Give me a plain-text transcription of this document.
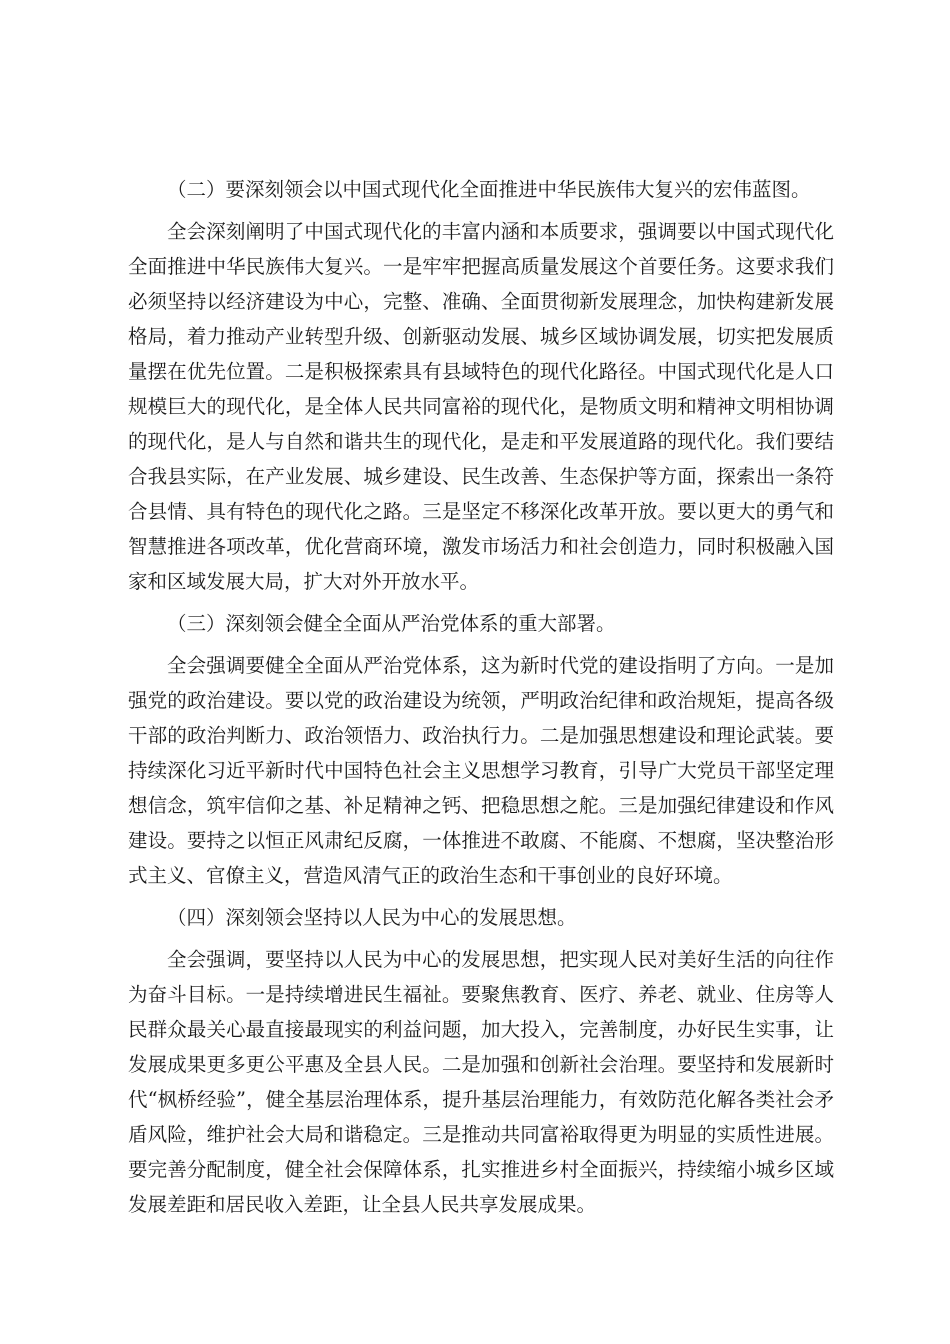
（二）要深刻领会以中国式现代化全面推进中华民族伟大复兴的宏伟蓝图。

全会深刻阐明了中国式现代化的丰富内涵和本质要求，强调要以中国式现代化全面推进中华民族伟大复兴。一是牢牢把握高质量发展这个首要任务。这要求我们必须坚持以经济建设为中心，完整、准确、全面贯彻新发展理念，加快构建新发展格局，着力推动产业转型升级、创新驱动发展、城乡区域协调发展，切实把发展质量摆在优先位置。二是积极探索具有县域特色的现代化路径。中国式现代化是人口规模巨大的现代化，是全体人民共同富裕的现代化，是物质文明和精神文明相协调的现代化，是人与自然和谐共生的现代化，是走和平发展道路的现代化。我们要结合我县实际，在产业发展、城乡建设、民生改善、生态保护等方面，探索出一条符合县情、具有特色的现代化之路。三是坚定不移深化改革开放。要以更大的勇气和智慧推进各项改革，优化营商环境，激发市场活力和社会创造力，同时积极融入国家和区域发展大局，扩大对外开放水平。

（三）深刻领会健全全面从严治党体系的重大部署。

全会强调要健全全面从严治党体系，这为新时代党的建设指明了方向。一是加强党的政治建设。要以党的政治建设为统领，严明政治纪律和政治规矩，提高各级干部的政治判断力、政治领悟力、政治执行力。二是加强思想建设和理论武装。要持续深化习近平新时代中国特色社会主义思想学习教育，引导广大党员干部坚定理想信念，筑牢信仰之基、补足精神之钙、把稳思想之舵。三是加强纪律建设和作风建设。要持之以恒正风肃纪反腐，一体推进不敢腐、不能腐、不想腐，坚决整治形式主义、官僚主义，营造风清气正的政治生态和干事创业的良好环境。

（四）深刻领会坚持以人民为中心的发展思想。

全会强调，要坚持以人民为中心的发展思想，把实现人民对美好生活的向往作为奋斗目标。一是持续增进民生福祉。要聚焦教育、医疗、养老、就业、住房等人民群众最关心最直接最现实的利益问题，加大投入，完善制度，办好民生实事，让发展成果更多更公平惠及全县人民。二是加强和创新社会治理。要坚持和发展新时代“枫桥经验”，健全基层治理体系，提升基层治理能力，有效防范化解各类社会矛盾风险，维护社会大局和谐稳定。三是推动共同富裕取得更为明显的实质性进展。要完善分配制度，健全社会保障体系，扎实推进乡村全面振兴，持续缩小城乡区域发展差距和居民收入差距，让全县人民共享发展成果。
